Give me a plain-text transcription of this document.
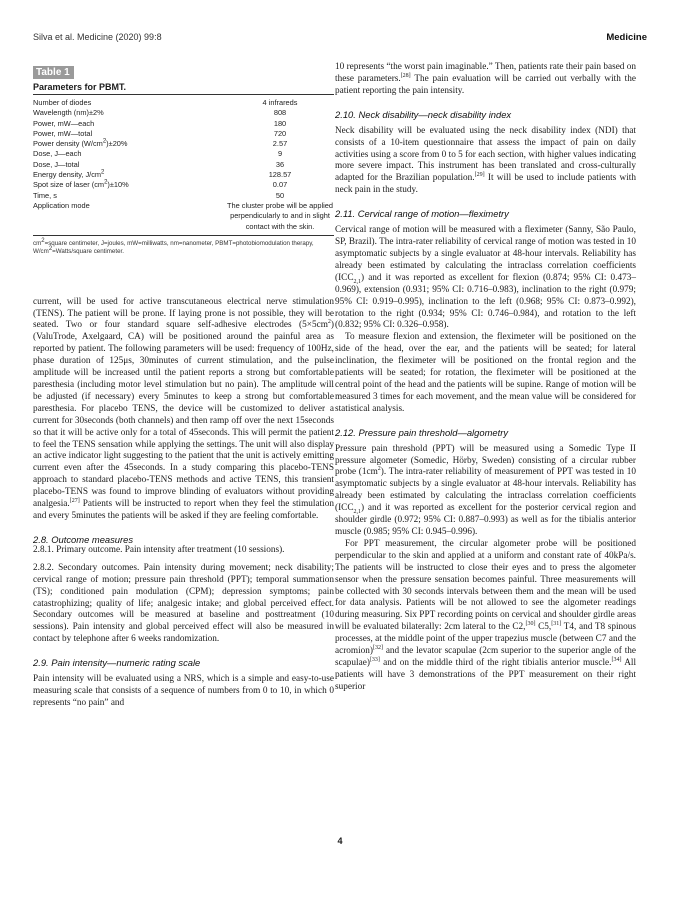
Silva et al. Medicine (2020) 99:8	Medicine
Table 1
Parameters for PBMT.
Number of diodes	4 infrareds
Wavelength (nm)±2%	808
Power, mW—each	180
Power, mW—total	720
Power density $(W/cm^2)\pm 20\%$	2.57
Dose, J—each	9
Dose, J—total	36
Energy density, $J/cm^2$	128.57
Spot size of laser $(cm^2)\pm 10\%$	0.07
Time, s	50
Application mode	The cluster probe will be applied perpendicularly to and in slight contact with the skin.
$cm^2=square$ centimeter, J=joules, mW=milliwatts, nm=nanometer, PBMT=photobiomodulation therapy, $W/cm^2=Watts$/square centimeter.

current, will be used for active transcutaneous electrical nerve stimulation (TENS). The patient will be prone. If laying prone is not possible, they will be seated. Two or four standard square self-adhesive electrodes $(5\times 5cm^2)$ (ValuTrode, Axelgaard, CA) will be positioned around the painful area as reported by patient. The following parameters will be used: frequency of 100Hz, phase duration of 125μs, 30minutes of current stimulation, and the pulse amplitude will be increased until the patient reports a strong but comfortable paresthesia (including motor level stimulation but no pain). The amplitude will be adjusted (if necessary) every 5minutes to keep a strong but comfortable paresthesia. For placebo TENS, the device will be customized to deliver a current for 30seconds (both channels) and then ramp off over the next 15seconds so that it will be active only for a total of 45seconds. This will permit the patient to feel the TENS sensation while applying the settings. The unit will also display an active indicator light suggesting to the patient that the unit is actively emitting current even after the 45seconds. In a study comparing this placebo-TENS approach to standard placebo-TENS methods and active TENS, this transient placebo-TENS was found to improve blinding of evaluators without providing analgesia.[27] Patients will be instructed to report when they feel the stimulation and every 5minutes the patients will be asked if they are feeling comfortable.

2.8. Outcome measures

2.8.1. Primary outcome. Pain intensity after treatment (10 sessions).

2.8.2. Secondary outcomes. Pain intensity during movement; neck disability; cervical range of motion; pressure pain threshold (PPT); temporal summation (TS); conditioned pain modulation (CPM); depression symptoms; pain catastrophizing; quality of life; analgesic intake; and global perceived effect. Secondary outcomes will be measured at baseline and posttreatment (10 sessions). Pain intensity and global perceived effect will also be measured in contact by telephone after 6 weeks randomization.

2.9. Pain intensity—numeric rating scale

Pain intensity will be evaluated using a NRS, which is a simple and easy-to-use measuring scale that consists of a sequence of numbers from 0 to 10, in which 0 represents “no pain” and

10 represents “the worst pain imaginable.” Then, patients rate their pain based on these parameters.[28] The pain evaluation will be carried out verbally with the patient reporting the pain intensity.

2.10. Neck disability—neck disability index

Neck disability will be evaluated using the neck disability index (NDI) that consists of a 10-item questionnaire that assess the impact of pain on daily activities using a score from 0 to 5 for each section, with higher values indicating more severe impact. This instrument has been translated and cross-culturally adapted for the Brazilian population.[29] It will be used to include patients with neck pain in the study.

2.11. Cervical range of motion—fleximetry

Cervical range of motion will be measured with a fleximeter (Sanny, São Paulo, SP, Brazil). The intra-rater reliability of cervical range of motion was tested in 10 asymptomatic subjects by a single evaluator at 48-hour intervals. Reliability has already been estimated by calculating the intraclass correlation coefficients $(ICC_{2,1})$ and it was reported as excellent for flexion (0.874; 95% CI: 0.473–0.969), extension (0.931; 95% CI: 0.716–0.983), inclination to the right (0.979; 95% CI: 0.919–0.995), inclination to the left (0.968; 95% CI: 0.873–0.992), rotation to the right (0.934; 95% CI: 0.746–0.984), and rotation to the left (0.832; 95% CI: 0.326–0.958).

To measure flexion and extension, the fleximeter will be positioned on the side of the head, over the ear, and the patients will be seated; for lateral inclination, the fleximeter will be positioned on the frontal region and the patients will be seated; for rotation, the fleximeter will be positioned at the central point of the head and the patients will be supine. Range of motion will be measured 3 times for each movement, and the mean value will be considered for statistical analysis.

2.12. Pressure pain threshold—algometry

Pressure pain threshold (PPT) will be measured using a Somedic Type II pressure algometer (Somedic, Hörby, Sweden) consisting of a circular rubber probe $(1cm^2)$. The intra-rater reliability of measurement of PPT was tested in 10 asymptomatic subjects by a single evaluator at 48-hour intervals. Reliability has already been estimated by calculating the intraclass correlation coefficients $(ICC_{2,1})$ and it was reported as excellent for the posterior cervical region and shoulder girdle (0.972; 95% CI: 0.887–0.993) as well as for the tibialis anterior muscle (0.985; 95% CI: 0.945–0.996).

For PPT measurement, the circular algometer probe will be positioned perpendicular to the skin and applied at a uniform and constant rate of 40kPa/s. The patients will be instructed to close their eyes and to press the algometer sensor when the pressure sensation becomes painful. Three measurements will be collected with 30 seconds intervals between them and the mean will be used for data analysis. Patients will be not allowed to see the algometer readings during measuring. Six PPT recording points on cervical and shoulder girdle areas will be evaluated bilaterally: 2cm lateral to the C2,[30] C5,[31] T4, and T8 spinous processes, at the middle point of the upper trapezius muscle (between C7 and the acromion)[32] and the levator scapulae (2cm superior to the superior angle of the scapulae)[33] and on the middle third of the right tibialis anterior muscle.[34] All patients will have 3 demonstrations of the PPT measurement on their right superior

4
